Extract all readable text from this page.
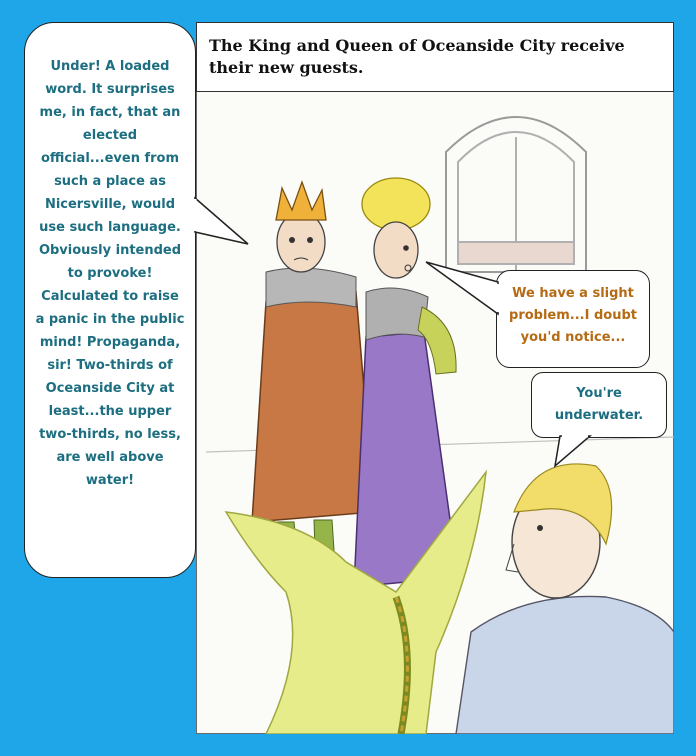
The King and Queen of Oceanside City receive their new guests.
Under! A loaded word. It surprises me, in fact, that an elected official...even from such a place as Nicersville, would use such language. Obviously intended to provoke! Calculated to raise a panic in the public mind! Propaganda, sir! Two-thirds of Oceanside City at least...the upper two-thirds, no less, are well above water!
We have a slight problem...I doubt you'd notice...
You're underwater.
